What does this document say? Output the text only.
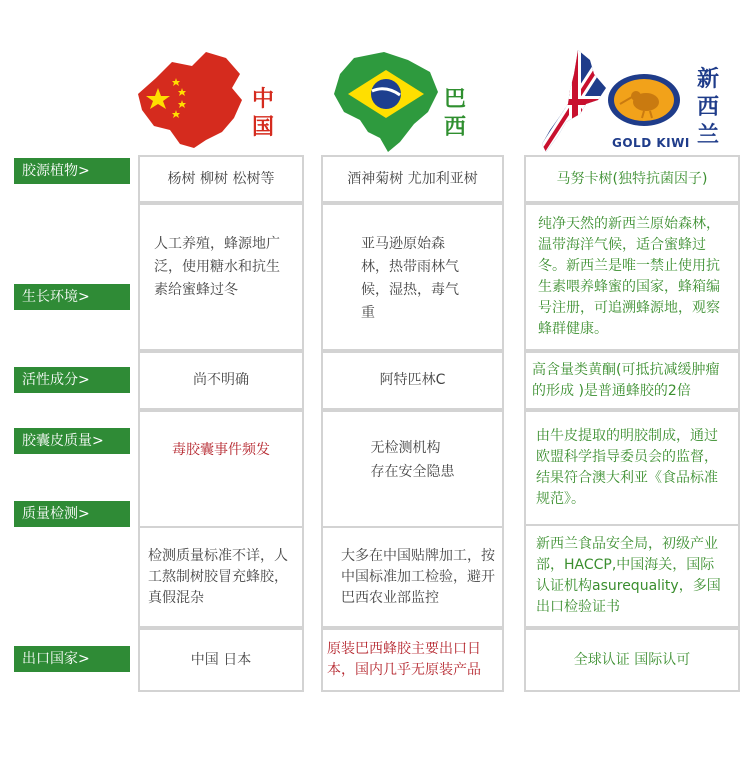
中国
巴西
GOLD KIWI
新西兰
胶源植物>
生长环境>
活性成分>
胶囊皮质量>
质量检测>
出口国家>
杨树 柳树 松树等
人工养殖，蜂源地广泛，使用糖水和抗生素给蜜蜂过冬
尚不明确
毒胶囊事件频发
检测质量标准不详，人工熬制树胶冒充蜂胶，真假混杂
中国 日本
酒神菊树 尤加利亚树
亚马逊原始森林，热带雨林气候，湿热，毒气重
阿特匹林C
无检测机构
存在安全隐患
大多在中国贴牌加工，按中国标准加工检验，避开巴西农业部监控
原装巴西蜂胶主要出口日本，国内几乎无原装产品
马努卡树(独特抗菌因子)
纯净天然的新西兰原始森林，温带海洋气候，适合蜜蜂过冬。新西兰是唯一禁止使用抗生素喂养蜂蜜的国家，蜂箱编号注册，可追溯蜂源地，观察蜂群健康。
高含量类黄酮(可抵抗减缓肿瘤的形成 )是普通蜂胶的2倍
由牛皮提取的明胶制成，通过欧盟科学指导委员会的监督，结果符合澳大利亚《食品标准规范》。
新西兰食品安全局，初级产业部，HACCP,中国海关，国际认证机构asurequality，多国出口检验证书
全球认证 国际认可
